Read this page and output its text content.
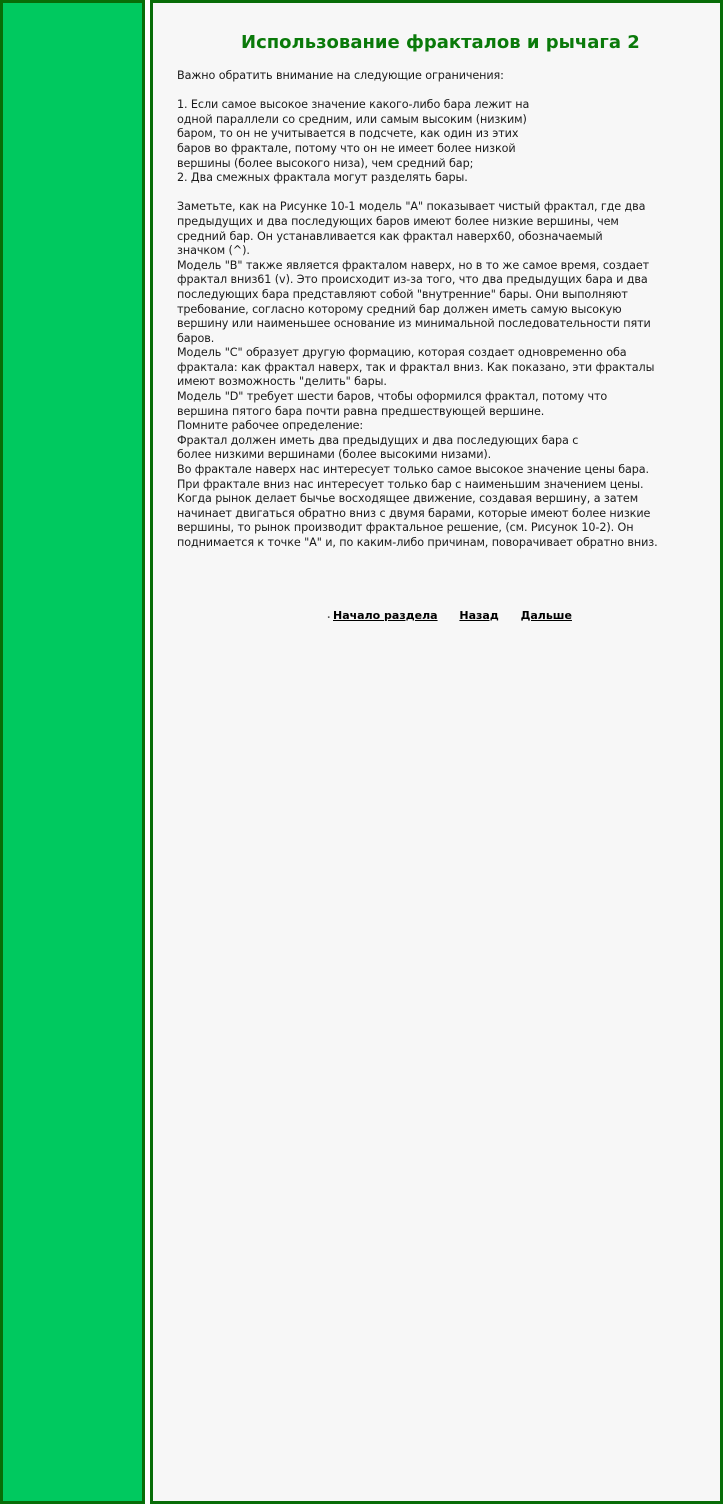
Использование фракталов и рычага 2
Важно обратить внимание на следующие ограничения:
1. Если самое высокое значение какого-либо бара лежит на
одной параллели со средним, или самым высоким (низким)
баром, то он не учитывается в подсчете, как один из этих
баров во фрактале, потому что он не имеет более низкой
вершины (более высокого низа), чем средний бар;
2. Два смежных фрактала могут разделять бары.
Заметьте, как на Рисунке 10-1 модель "A" показывает чистый фрактал, где два
предыдущих и два последующих баров имеют более низкие вершины, чем
средний бар. Он устанавливается как фрактал наверх60, обозначаемый
значком (^).
Модель "B" также является фракталом наверх, но в то же самое время, создает
фрактал вниз61 (v). Это происходит из-за того, что два предыдущих бара и два
последующих бара представляют собой "внутренние" бары. Они выполняют
требование, согласно которому средний бар должен иметь самую высокую
вершину или наименьшее основание из минимальной последовательности пяти
баров.
Модель "C" образует другую формацию, которая создает одновременно оба
фрактала: как фрактал наверх, так и фрактал вниз. Как показано, эти фракталы
имеют возможность "делить" бары.
Модель "D" требует шести баров, чтобы оформился фрактал, потому что
вершина пятого бара почти равна предшествующей вершине.
Помните рабочее определение:
Фрактал должен иметь два предыдущих и два последующих бара с
более низкими вершинами (более высокими низами).
Во фрактале наверх нас интересует только самое высокое значение цены бара.
При фрактале вниз нас интересует только бар с наименьшим значением цены.
Когда рынок делает бычье восходящее движение, создавая вершину, а затем
начинает двигаться обратно вниз с двумя барами, которые имеют более низкие
вершины, то рынок производит фрактальное решение, (см. Рисунок 10-2). Он
поднимается к точке "A" и, по каким-либо причинам, поворачивает обратно вниз.
. Начало раздела Назад Дальше
